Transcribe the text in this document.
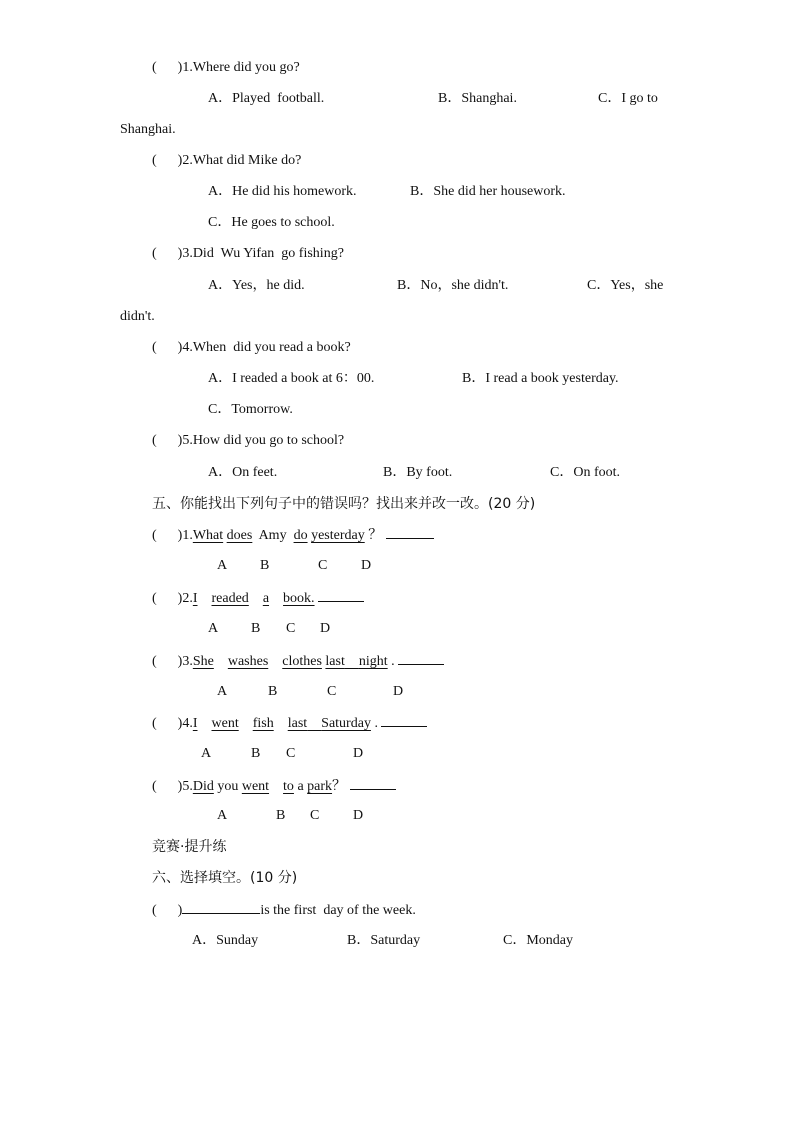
(      )1.Where did you go?
A．Played  football.	B．Shanghai.	C．I go to
Shanghai.
(      )2.What did Mike do?
A．He did his homework.	B．She did her housework.
C．He goes to school.
(      )3.Did  Wu Yifan  go fishing?
A．Yes，he did.	B．No，she didn't.	C．Yes，she
didn't.
(      )4.When  did you read a book?
A．I readed a book at 6：00.	B．I read a book yesterday.
C．Tomorrow.
(      )5.How did you go to school?
A．On feet.	B．By foot.	C．On foot.
五、你能找出下列句子中的错误吗？找出来并改一改。(20 分)
(      )1.What does Amy do yesterday ？
A B	C D
(      )2.I readed a book.
A B C D
(      )3.She washes clothes last night .
A	B	C	D
(      )4.I went fish last Saturday .
A	B C	D
(      )5.Did you went to a park？
A	B C D
竞赛·提升练
六、选择填空。(10 分)
(      )	is the first  day of the week.
A．Sunday	B．Saturday	C．Monday
